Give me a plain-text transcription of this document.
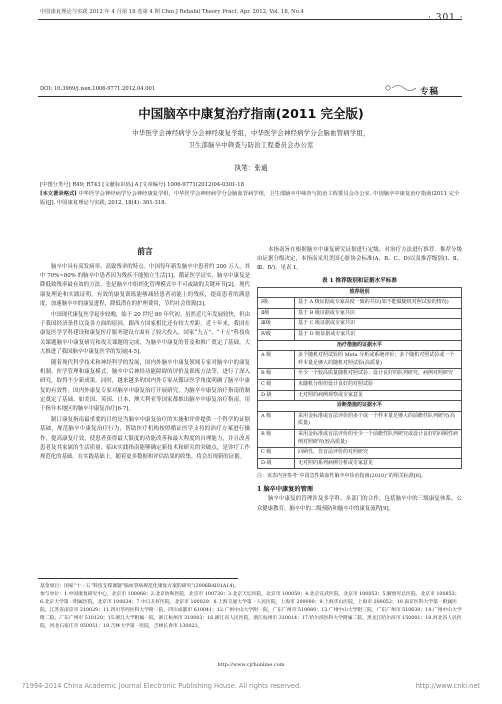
中国康复理论与实践 2012 年 4 月第 18 卷第 4 期 Chin J Rehabil Theory Pract, Apr. 2012, Vol. 18, No.4
· 301 ·
DOI: 10.3969/j.issn.1006-9771.2012.04.001	专稿
中国脑卒中康复治疗指南(2011 完全版)
中华医学会神经病学分会神经康复学组，中华医学会神经病学分会脑血管病学组，
卫生部脑卒中筛查与防治工程委员会办公室
执笔：张通
[中图分类号] R49; R743 [文献标识码] A [文章编号] 1006-9771(2012)04-0301-18
[本文著录格式] 中华医学会神经病学分会神经康复学组，中华医学会神经病学分会脑血管病学组，卫生部脑卒中筛查与防治工程委员会办公室. 中国脑卒中康复治疗指南(2011 完全版)[J]. 中国康复理论与实践, 2012, 18(4): 301-318.
前言

脑卒中具有高发病率、高致残率的特点。中国每年新发脑卒中患者约 200 万人，其中 70%~80% 的脑卒中患者因为残疾不能独立生活[1]。循证医学证实，脑卒中康复是降低致残率最有效的方法，也是脑卒中组织化管理模式中不可或缺的关键环节[2]。现代康复理论和实践证明，有效的康复训练能够减轻患者功能上的残疾，提高患者的满意度，加速脑卒中的康复进程，降低潜在的护理费用，节约社会资源[3]。

中国现代康复医学起步较晚，始于 20 世纪 80 年代初。虽然近几年发展较快，但由于我国经济条件以及各方面的原因，跟西方国家相比还有较大差距。近十年来，我国在康复医学学科建设和康复医疗服务建设方面有了较大投入。国家“九五”、“十五”科技攻关课题脑卒中康复研究和攻关课题的完成，为脑卒中康复的普及和推广奠定了基础，大大推进了我国脑卒中康复医学的发展[4-5]。

随着现代科学技术和神经科学的发展，国内外脑卒中康复领域专家对脑卒中的康复机制、医学管理和康复模式，脑卒中后神经功能障碍的评价及训练方法等，进行了深入研究，取得不少新成果。同时，越来越多的国内外专家从循证医学角度明确了脑卒中康复的有效性。国内外康复专家对脑卒中康复治疗开展研究，为脑卒中康复治疗指南的制定奠定了基础，如美国、英国、日本、澳大利亚等国家都推出脑卒中康复治疗指南，用于指导本地区的脑卒中康复治疗[6-7]。

制订康复指南最重要的目的是为脑卒中康复治疗的实施和评价提供一个科学的证据基础，规范脑卒中康复治疗行为，帮助医疗机构按照循证医学支持的治疗方案进行操作，提高康复疗效，使患者获得最大限度的功能改善和最大程度的自理能力，并且改善患者及其家属的生活质量。临床实践指南能够确定新技术和研究的突破点，是诊疗工作规范化的基础。在实践基础上，随着更多数据和评估结果的收集，将会出现新的证据。

本指南旨在根据脑卒中康复研究证据进行定级，对治疗方法进行推荐。推荐分级由证据分级决定，本指南采用美国心脏协会标准(A、B、C、D)以及推荐级别(Ⅰ、Ⅱ、Ⅲ、Ⅳ)。见表 1。

表 1 推荐级别和证据水平标准
推荐级别	
Ⅰ级	基于 A 级证据或专家高度一致的共识(如不能做随机对照试验的情况)
Ⅱ级	基于 B 级证据或专家共识
Ⅲ级	基于 C 级证据或专家共识
Ⅳ级	基于 D 级证据或专家共识
治疗措施的证据水平	
A 级	多个随机对照试验的 Meta 分析或系统评价；多个随机对照试验或一个样本量足够大的随机对照试验(高质量)
B 级	至少一个较高质量随机对照试验；设计良好的队列研究、病例对照研究
C 级	未随机分组但设计良好的对照试验
D 级	无对照的病例观察或专家意见
诊断措施的证据水平	
A 级	采用金标准或盲法评价的多个或一个样本量足够大的前瞻性队列研究(高质量)
B 级	采用金标准或盲法评价的至少一个前瞻性队列研究或设计良好的回顾性病例对照研究(较高质量)
C 级	回顾性、非盲法评价的对照研究
D 级	无对照的系列病例分析或专家意见
注：该表内容参考“中国急性缺血性脑卒中诊治指南(2010)”的相关标准[8]。
1 脑卒中康复的管理

脑卒中康复的管理涉及多学科、多部门的合作，包括脑卒中的三级康复体系、公众健康教育、脑卒中的二级预防和脑卒中的康复流程[9]。

基金项目：国家“十一五”科技支撑课题“脑血管病规范化康复方案的研究”(2006BAI01A14)。
参与单位：1.中国康复研究中心，北京市 100068；2.北京协和医院，北京市 100730；3.北京天坛医院，北京市 100050；4.北京宣武医院，北京市 100053；5.解放军总医院，北京市 100853；6.北京大学第一附属医院，北京市 100034；7.中日友好医院，北京市 100029；8.上海交通大学第一人民医院，上海市 200080；9.上海华山医院，上海市 200052；10.南京医科大学第一附属医院，江苏省南京市 210029；11.四川华西医科大学附一院，四川成都市 610041；12.广州中山大学附一院，广东广州市 510080；13.广州中山大学附三院，广东广州市 510630；14.广州中山大学附二院，广东广州市 510120；15.浙江大学附属一院，浙江杭州市 310003；16.浙江省人民医院，浙江杭州市 310014；17.哈尔滨医科大学附属二院，黑龙江哈尔滨市 150001；18.河北省人民医院，河北石家庄市 050051；19.吉林大学第一医院，吉林长春市 130021。
http://www.cjrhonline.com
?1994-2014 China Academic Journal Electronic Publishing House. All rights reserved.	http://www.cnki.net
